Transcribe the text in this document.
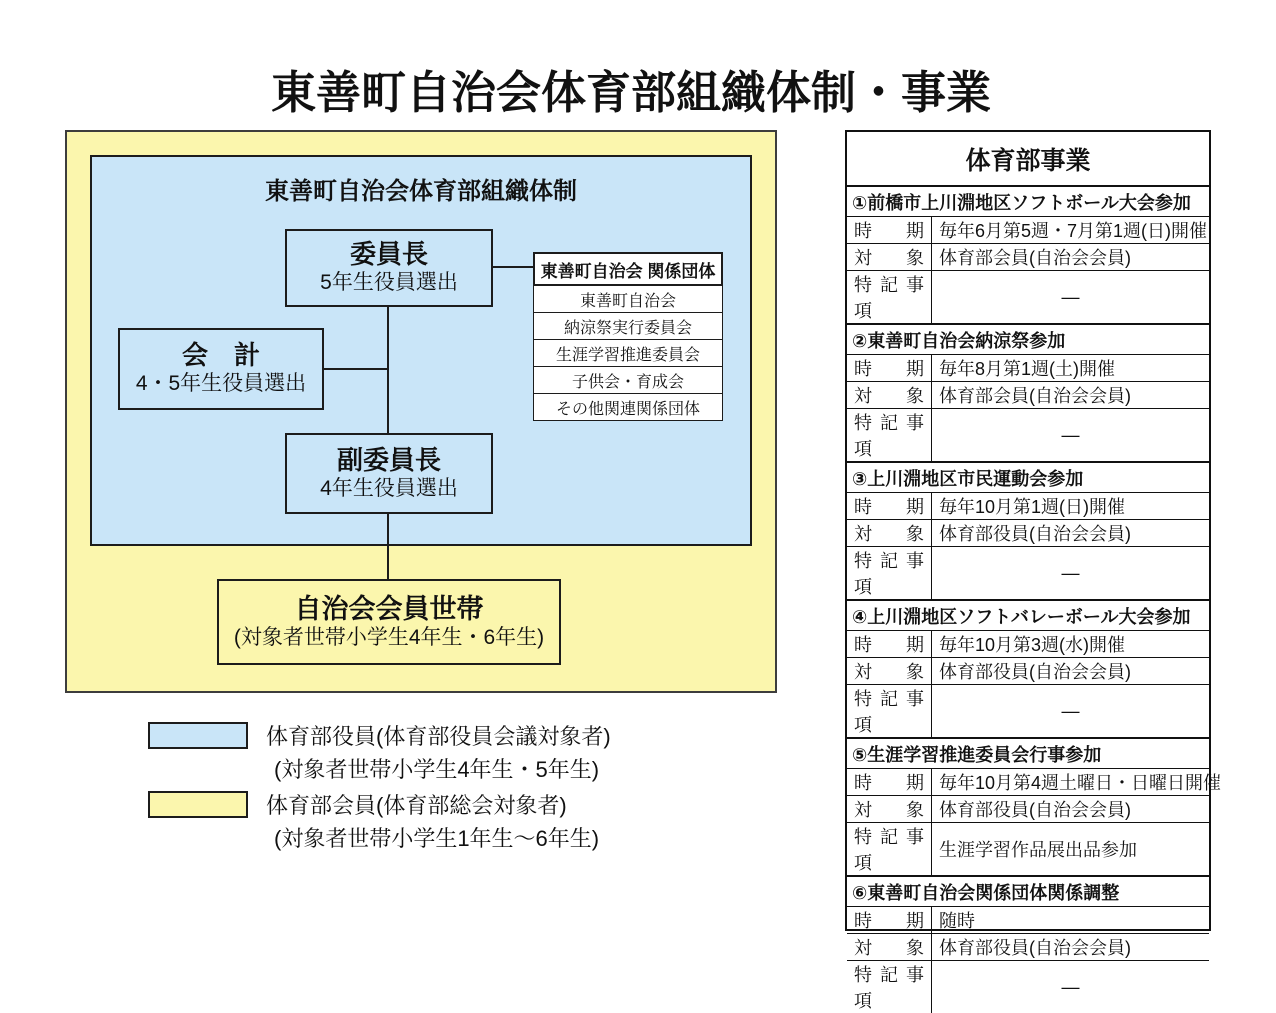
東善町自治会体育部組織体制・事業
東善町自治会体育部組織体制
委員長
5年生役員選出
会　計
4・5年生役員選出
副委員長
4年生役員選出
自治会会員世帯
(対象者世帯小学生4年生・6年生)
東善町自治会 関係団体
東善町自治会
納涼祭実行委員会
生涯学習推進委員会
子供会・育成会
その他関連関係団体
体育部役員(体育部役員会議対象者)
(対象者世帯小学生4年生・5年生)
体育部会員(体育部総会対象者)
(対象者世帯小学生1年生～6年生)
体育部事業
①前橋市上川淵地区ソフトボール大会参加
時期 毎年6月第5週・7月第1週(日)開催
対象 体育部会員(自治会会員)
特記事項
—
②東善町自治会納涼祭参加
時期 毎年8月第1週(土)開催
対象 体育部会員(自治会会員)
特記事項
—
③上川淵地区市民運動会参加
時期 毎年10月第1週(日)開催
対象 体育部役員(自治会会員)
特記事項
—
④上川淵地区ソフトバレーボール大会参加
時期 毎年10月第3週(水)開催
対象 体育部役員(自治会会員)
特記事項
—
⑤生涯学習推進委員会行事参加
時期 毎年10月第4週土曜日・日曜日開催
対象 体育部役員(自治会会員)
特記事項
生涯学習作品展出品参加
⑥東善町自治会関係団体関係調整
時期 随時
対象 体育部役員(自治会会員)
特記事項
—
